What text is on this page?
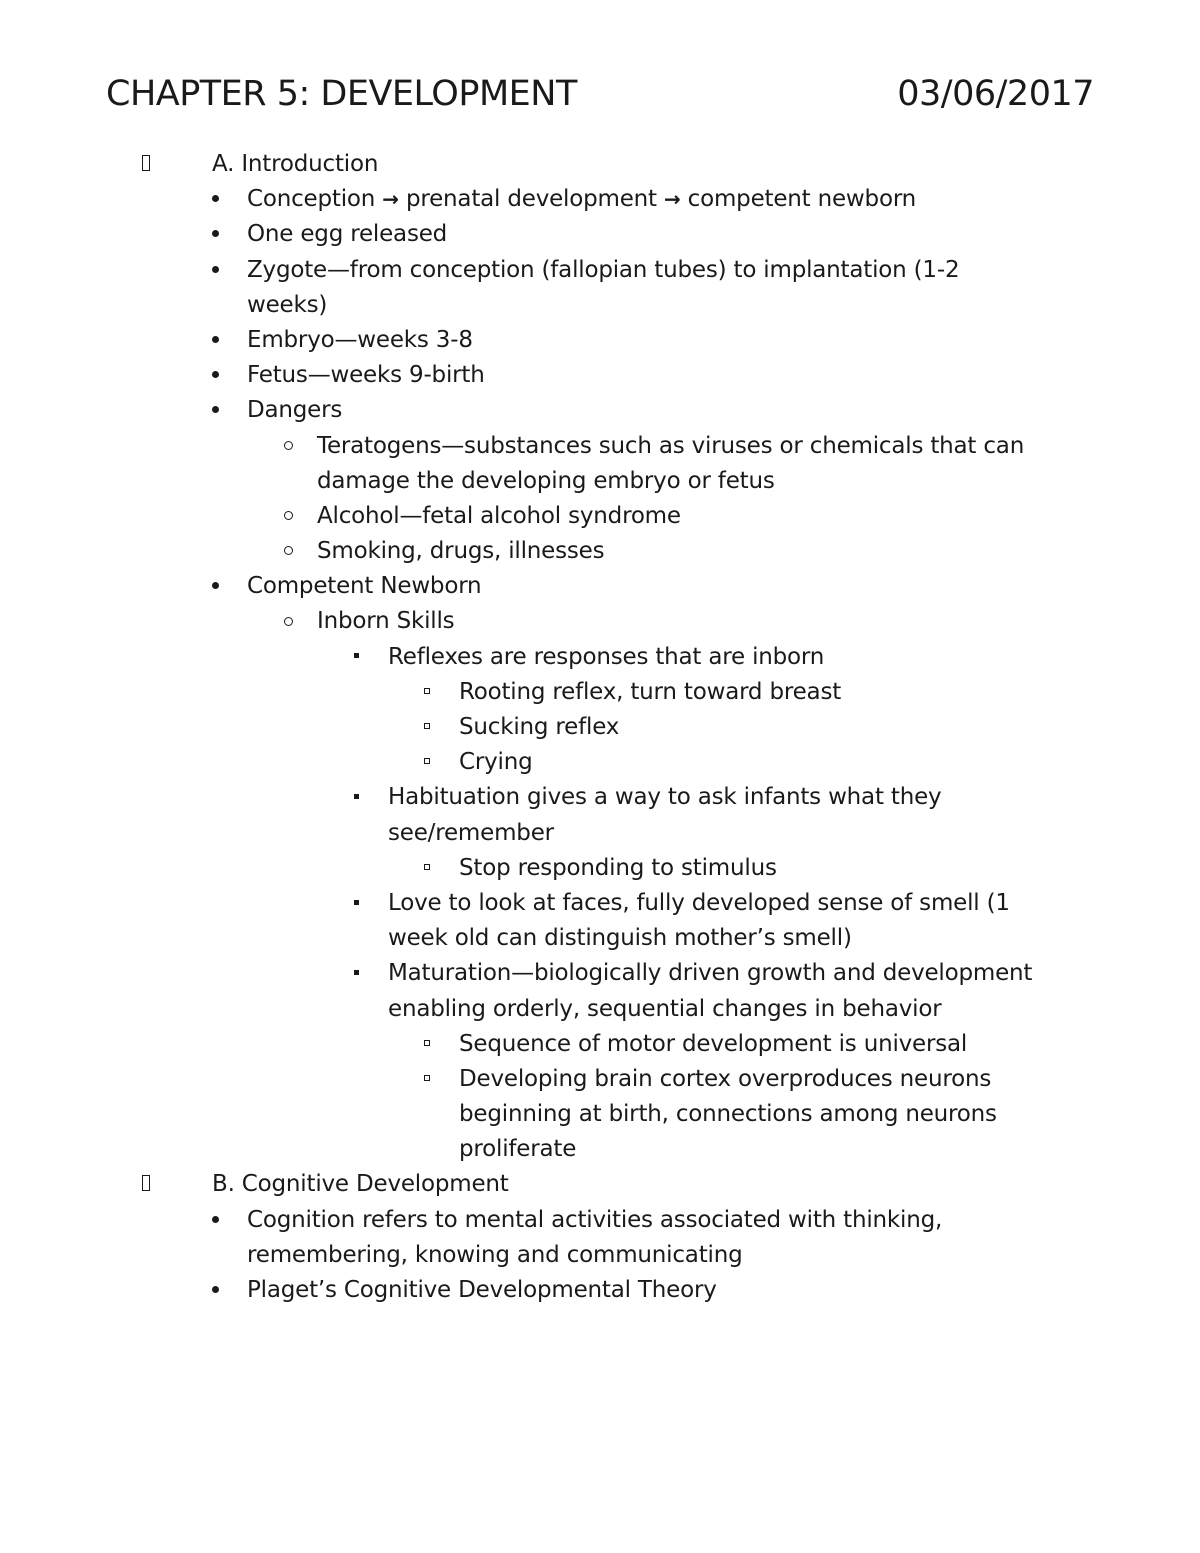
CHAPTER 5: DEVELOPMENT	03/06/2017
A. Introduction
Conception → prenatal development → competent newborn
One egg released
Zygote—from conception (fallopian tubes) to implantation (1-2
weeks)
Embryo—weeks 3-8
Fetus—weeks 9-birth
Dangers
Teratogens—substances such as viruses or chemicals that can
damage the developing embryo or fetus
Alcohol—fetal alcohol syndrome
Smoking, drugs, illnesses
Competent Newborn
Inborn Skills
Reflexes are responses that are inborn
Rooting reflex, turn toward breast
Sucking reflex
Crying
Habituation gives a way to ask infants what they
see/remember
Stop responding to stimulus
Love to look at faces, fully developed sense of smell (1
week old can distinguish mother’s smell)
Maturation—biologically driven growth and development
enabling orderly, sequential changes in behavior
Sequence of motor development is universal
Developing brain cortex overproduces neurons
beginning at birth, connections among neurons
proliferate
B. Cognitive Development
Cognition refers to mental activities associated with thinking,
remembering, knowing and communicating
Plaget’s Cognitive Developmental Theory
